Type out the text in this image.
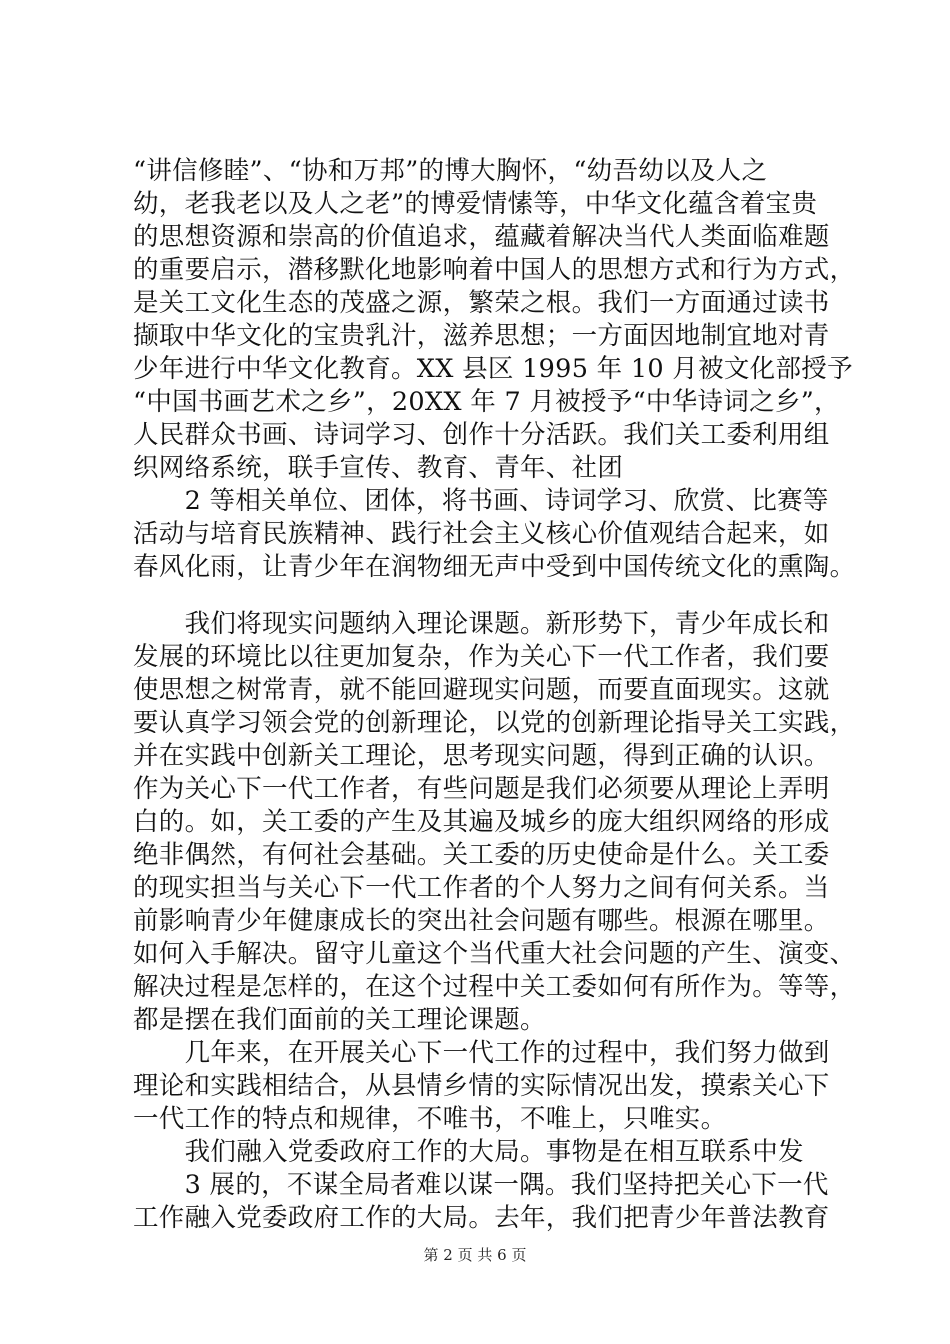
“讲信修睦”、“协和万邦”的博大胸怀，“幼吾幼以及人之
幼，老我老以及人之老”的博爱情愫等，中华文化蕴含着宝贵
的思想资源和崇高的价值追求，蕴藏着解决当代人类面临难题
的重要启示，潜移默化地影响着中国人的思想方式和行为方式，
是关工文化生态的茂盛之源，繁荣之根。我们一方面通过读书
撷取中华文化的宝贵乳汁，滋养思想；一方面因地制宜地对青
少年进行中华文化教育。XX 县区 1995 年 10 月被文化部授予
“中国书画艺术之乡”，20XX 年 7 月被授予“中华诗词之乡”，
人民群众书画、诗词学习、创作十分活跃。我们关工委利用组
织网络系统，联手宣传、教育、青年、社团
　　2 等相关单位、团体，将书画、诗词学习、欣赏、比赛等
活动与培育民族精神、践行社会主义核心价值观结合起来，如
春风化雨，让青少年在润物细无声中受到中国传统文化的熏陶。
　　我们将现实问题纳入理论课题。新形势下，青少年成长和
发展的环境比以往更加复杂，作为关心下一代工作者，我们要
使思想之树常青，就不能回避现实问题，而要直面现实。这就
要认真学习领会党的创新理论，以党的创新理论指导关工实践，
并在实践中创新关工理论，思考现实问题，得到正确的认识。
作为关心下一代工作者，有些问题是我们必须要从理论上弄明
白的。如，关工委的产生及其遍及城乡的庞大组织网络的形成
绝非偶然，有何社会基础。关工委的历史使命是什么。关工委
的现实担当与关心下一代工作者的个人努力之间有何关系。当
前影响青少年健康成长的突出社会问题有哪些。根源在哪里。
如何入手解决。留守儿童这个当代重大社会问题的产生、演变、
解决过程是怎样的，在这个过程中关工委如何有所作为。等等，
都是摆在我们面前的关工理论课题。
　　几年来，在开展关心下一代工作的过程中，我们努力做到
理论和实践相结合，从县情乡情的实际情况出发，摸索关心下
一代工作的特点和规律，不唯书，不唯上，只唯实。
　　我们融入党委政府工作的大局。事物是在相互联系中发
　　3 展的，不谋全局者难以谋一隅。我们坚持把关心下一代
工作融入党委政府工作的大局。去年，我们把青少年普法教育
第 2 页 共 6 页
